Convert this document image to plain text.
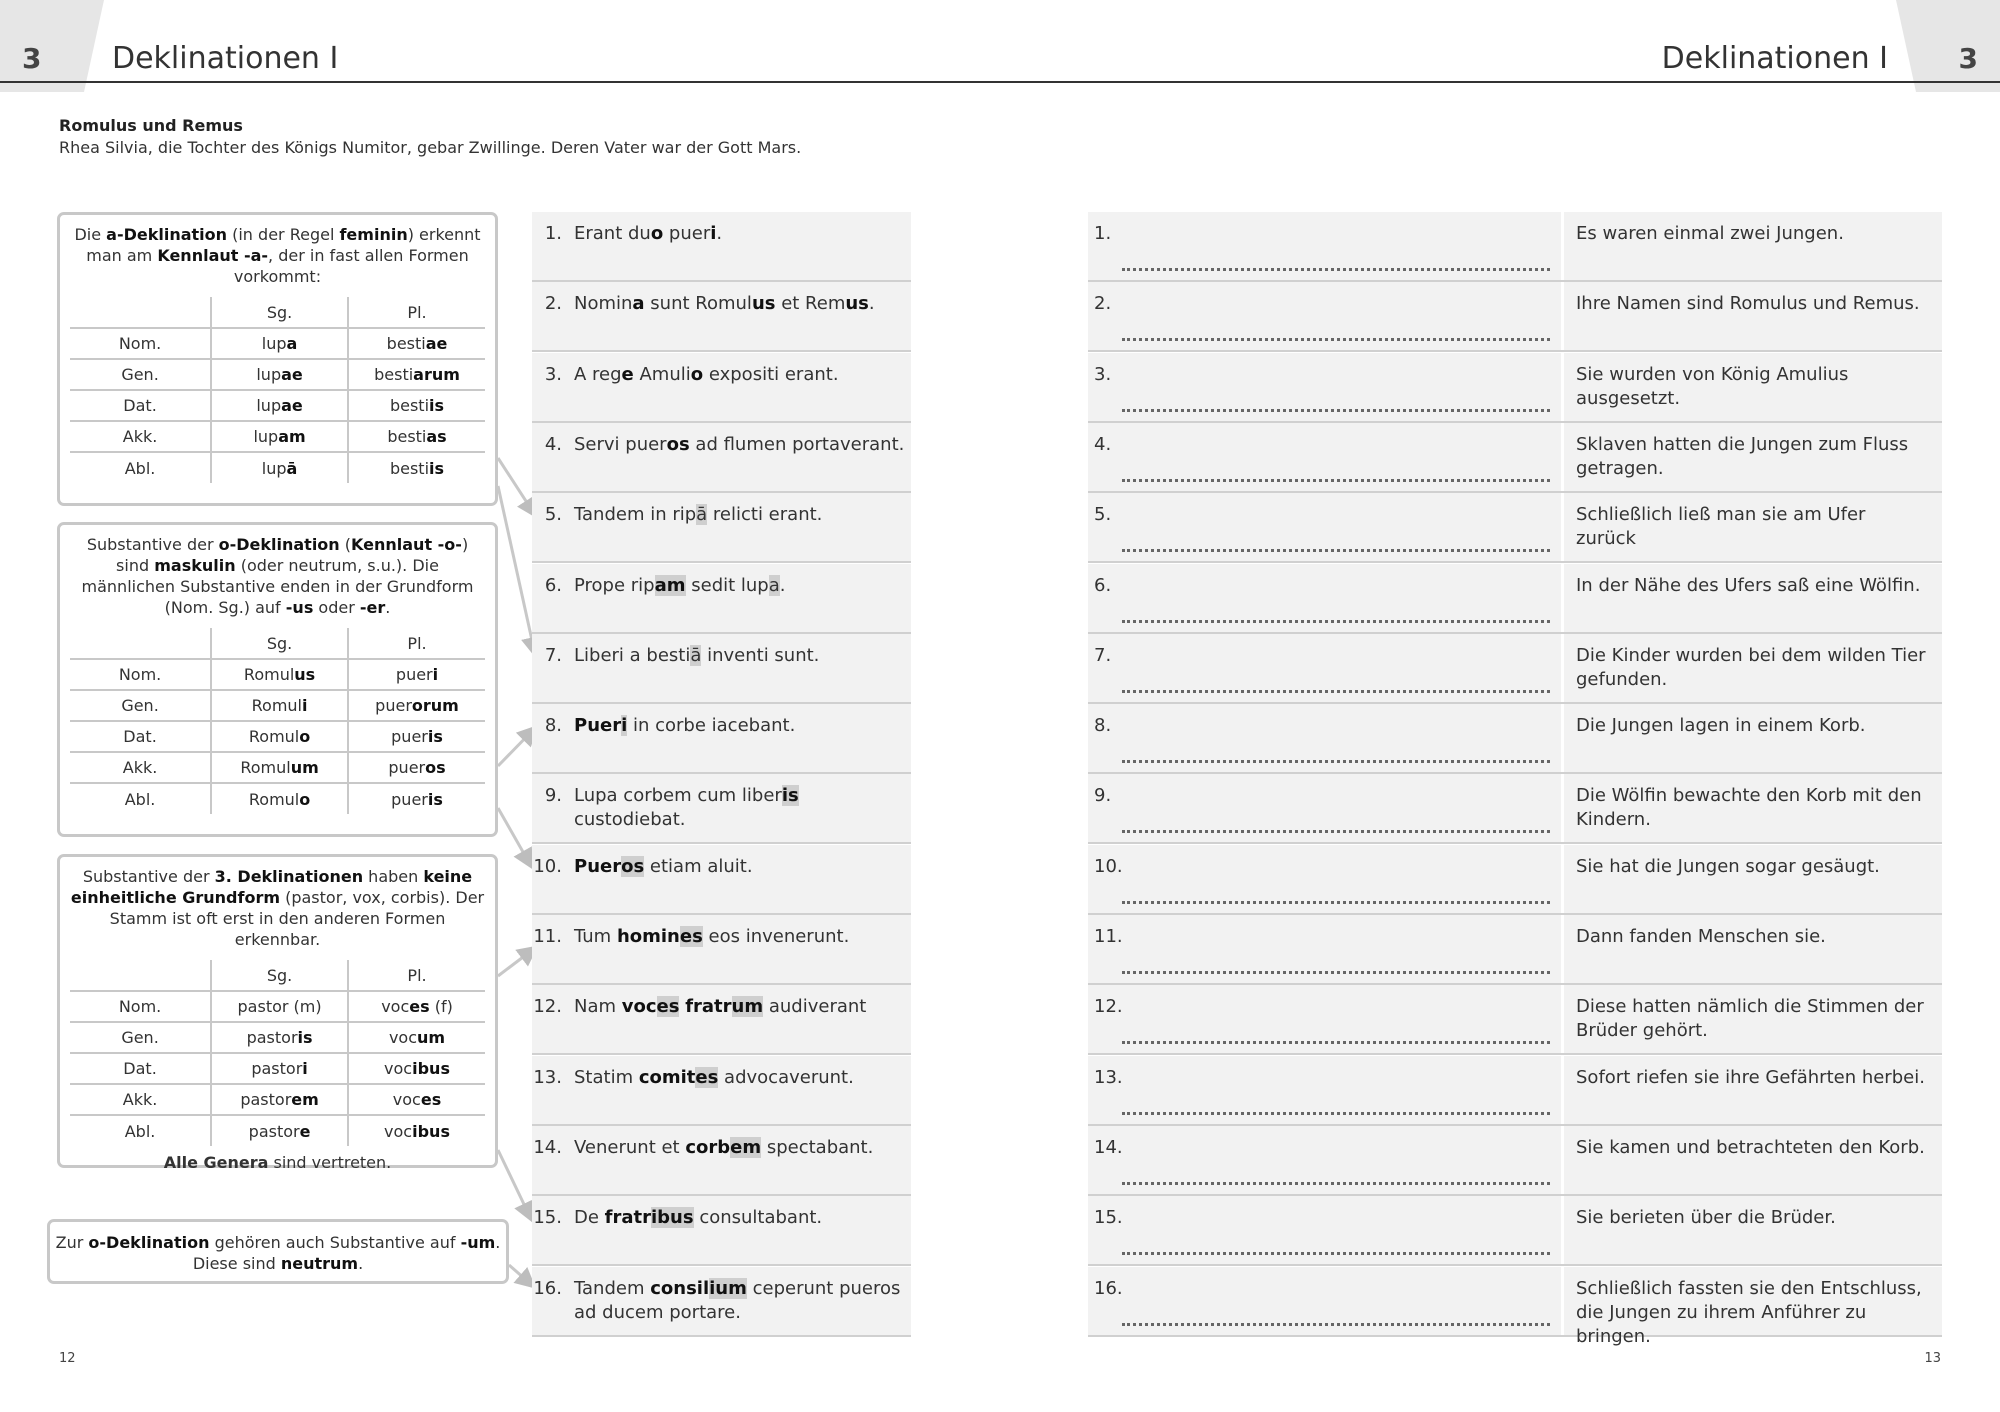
3 Deklinationen I	Deklinationen I	3
Romulus und Remus
Rhea Silvia, die Tochter des Königs Numitor, gebar Zwillinge. Deren Vater war der Gott Mars.
Die a-Deklination (in der Regel feminin) erkennt man am Kennlaut -a-, der in fast allen Formen vorkommt:
	Sg.	Pl.
Nom.	lupa	bestiae
Gen.	lupae	bestiarum
Dat.	lupae	bestiis
Akk.	lupam	bestias
Abl.	lupā	bestiis
Substantive der o-Deklination (Kennlaut -o-) sind maskulin (oder neutrum, s.u.). Die männlichen Substantive enden in der Grundform (Nom. Sg.) auf -us oder -er.
	Sg.	Pl.
Nom.	Romulus	pueri
Gen.	Romuli	puerorum
Dat.	Romulo	pueris
Akk.	Romulum	pueros
Abl.	Romulo	pueris
Substantive der 3. Deklinationen haben keine einheitliche Grundform (pastor, vox, corbis). Der Stamm ist oft erst in den anderen Formen erkennbar.
	Sg.	Pl.
Nom.	pastor (m)	voces (f)
Gen.	pastoris	vocum
Dat.	pastori	vocibus
Akk.	pastorem	voces
Abl.	pastore	vocibus
Alle Genera sind vertreten.
Zur o-Deklination gehören auch Substantive auf -um. Diese sind neutrum.
1. Erant duo pueri.
2. Nomina sunt Romulus et Remus.
3. A rege Amulio expositi erant.
4. Servi pueros ad flumen portaverant.
5. Tandem in ripā relicti erant.
6. Prope ripam sedit lupa.
7. Liberi a bestiā inventi sunt.
8. Pueri in corbe iacebant.
9. Lupa corbem cum liberis custodiebat.
10. Pueros etiam aluit.
11. Tum homines eos invenerunt.
12. Nam voces fratrum audiverant
13. Statim comites advocaverunt.
14. Venerunt et corbem spectabant.
15. De fratribus consultabant.
16. Tandem consilium ceperunt pueros ad ducem portare.
1.	Es waren einmal zwei Jungen.
2.	Ihre Namen sind Romulus und Remus.
3.	Sie wurden von König Amulius ausgesetzt.
4.	Sklaven hatten die Jungen zum Fluss getragen.
5.	Schließlich ließ man sie am Ufer zurück
6.	In der Nähe des Ufers saß eine Wölfin.
7.	Die Kinder wurden bei dem wilden Tier gefunden.
8.	Die Jungen lagen in einem Korb.
9.	Die Wölfin bewachte den Korb mit den Kindern.
10.	Sie hat die Jungen sogar gesäugt.
11.	Dann fanden Menschen sie.
12.	Diese hatten nämlich die Stimmen der Brüder gehört.
13.	Sofort riefen sie ihre Gefährten herbei.
14.	Sie kamen und betrachteten den Korb.
15.	Sie berieten über die Brüder.
16.	Schließlich fassten sie den Entschluss, die Jungen zu ihrem Anführer zu bringen.
12	13
